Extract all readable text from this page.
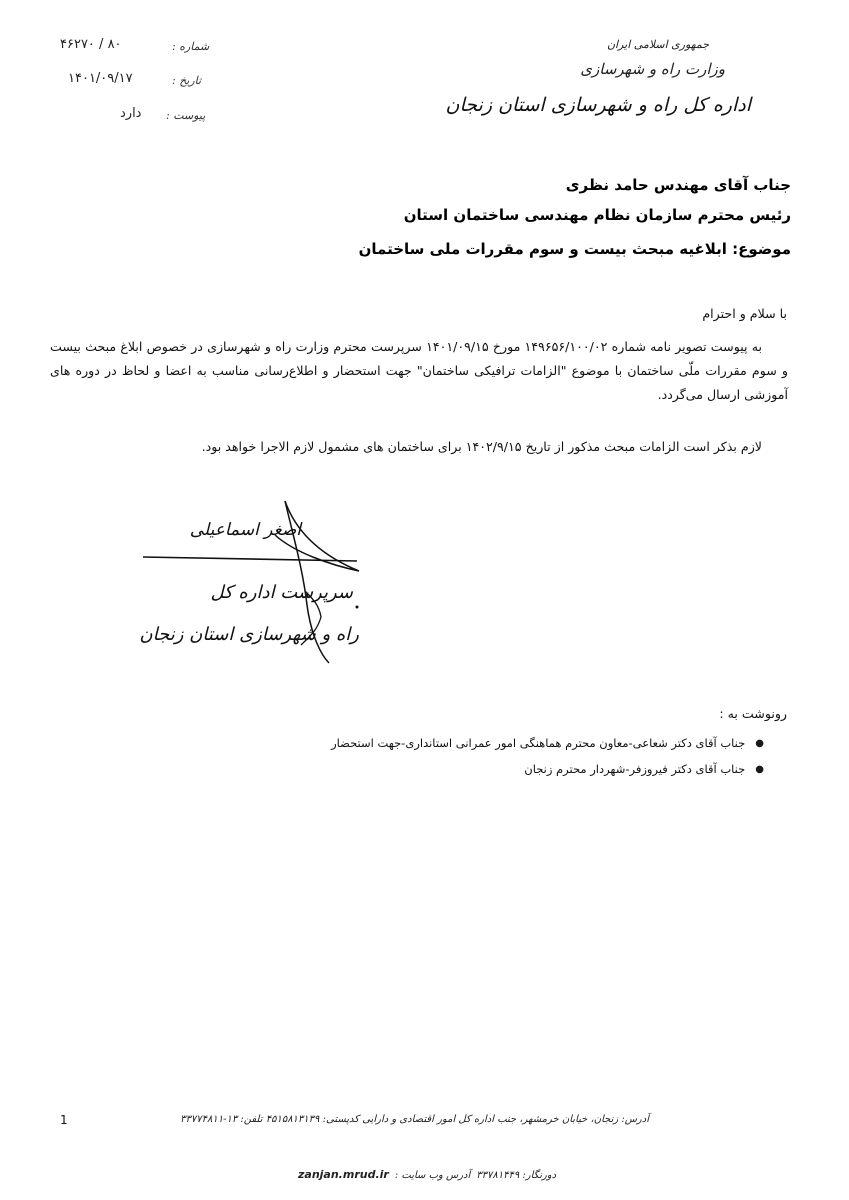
شماره :
۸۰ / ۴۶۲۷۰
تاریخ :
۱۴۰۱/۰۹/۱۷
پیوست :
دارد
جمهوری اسلامی ایران
وزارت راه و شهرسازی
اداره کل راه و شهرسازی استان زنجان
جناب آقای مهندس حامد نظری
رئیس محترم سازمان نظام مهندسی ساختمان استان
موضوع: ابلاغیه مبحث بیست و سوم مقررات ملی ساختمان
با سلام و احترام
به پیوست تصویر نامه شماره ۱۴۹۶۵۶/۱۰۰/۰۲ مورخ ۱۴۰۱/۰۹/۱۵ سرپرست محترم وزارت راه و شهرسازی در خصوص ابلاغ مبحث بیست و سوم مقررات ملّی ساختمان با موضوع "الزامات ترافیکی ساختمان" جهت استحضار و اطلاع‌رسانی مناسب به اعضا و لحاظ در دوره های آموزشی ارسال می‌گردد.
لازم بذکر است الزامات مبحث مذکور از تاریخ ۱۴۰۲/۹/۱۵ برای ساختمان های مشمول لازم الاجرا خواهد بود.
اصغر اسماعیلی
سرپرست اداره کل
راه و شهرسازی استان زنجان
رونوشت به :
●
جناب آقای دکتر شعاعی-معاون محترم هماهنگی امور عمرانی استانداری-جهت استحضار
●
جناب آقای دکتر فیروزفر-شهردار محترم زنجان
1	آدرس: زنجان، خیابان خرمشهر، جنب اداره کل امور اقتصادی و دارایی کدپستی: ۴۵۱۵۸۱۳۱۳۹ تلفن: ۱۳-۳۳۷۷۴۸۱۱
دورنگار: ۳۳۷۸۱۴۴۹
آدرس وب سایت :
zanjan.mrud.ir
